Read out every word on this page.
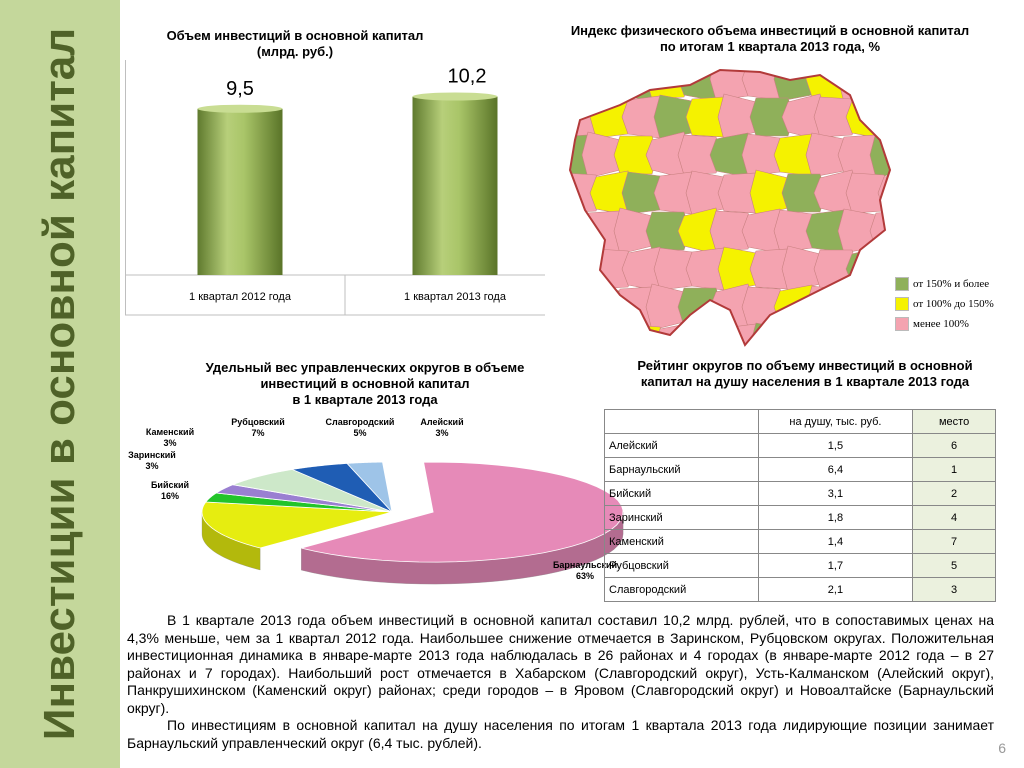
Инвестиции в основной капитал	Объем инвестиций в основной капитал
(млрд. руб.)
9,5
1 квартал 2012 года
10,2
1 квартал 2013 года
Индекс физического объема инвестиций в основной капитал
по итогам 1 квартала 2013 года, %
от 150% и более
от 100% до 150%
менее 100%
Удельный вес управленческих округов в объеме
инвестиций в основной капитал
в 1 квартале 2013 года
Барнаульский
63%
Бийский
16%
Заринский
3%
Каменский
3%
Рубцовский
7%
Славгородский
5%
Алейский
3%
Рейтинг округов по объему инвестиций в основной
капитал на душу населения в 1 квартале 2013 года
	на душу, тыс. руб.	место
Алейский	1,5	6
Барнаульский	6,4	1
Бийский	3,1	2
Заринский	1,8	4
Каменский	1,4	7
Рубцовский	1,7	5
Славгородский	2,1	3

В 1 квартале 2013 года объем инвестиций в основной капитал составил 10,2 млрд. рублей, что в сопоставимых ценах на 4,3% меньше, чем за 1 квартал 2012 года. Наибольшее снижение отмечается в Заринском, Рубцовском округах. Положительная инвестиционная динамика в январе-марте 2013 года наблюдалась в 26 районах и 4 городах (в январе-марте 2012 года – в 27 районах и 7 городах). Наибольший рост отмечается в Хабарском (Славгородский округ), Усть-Калманском (Алейский округ), Панкрушихинском (Каменский округ) районах; среди городов – в Яровом (Славгородский округ) и Новоалтайске (Барнаульский округ).

По инвестициям в основной капитал на душу населения по итогам 1 квартала 2013 года лидирующие позиции занимает Барнаульский управленческий округ (6,4 тыс. рублей).	6
